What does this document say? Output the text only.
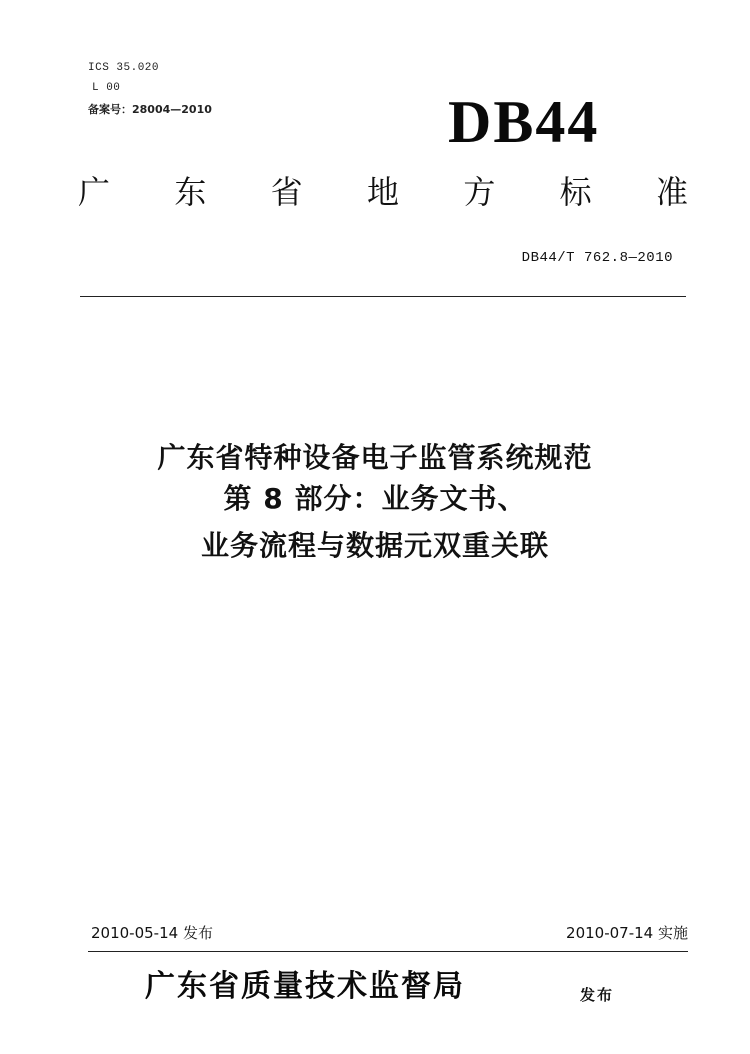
ICS 35.020
L 00
备案号：28004—2010	DB44
广 东 省 地 方 标 准
DB44/T 762.8—2010
广东省特种设备电子监管系统规范
第 8 部分：业务文书、
业务流程与数据元双重关联
2010-05-14 发布	2010-07-14 实施
广东省质量技术监督局	发布
